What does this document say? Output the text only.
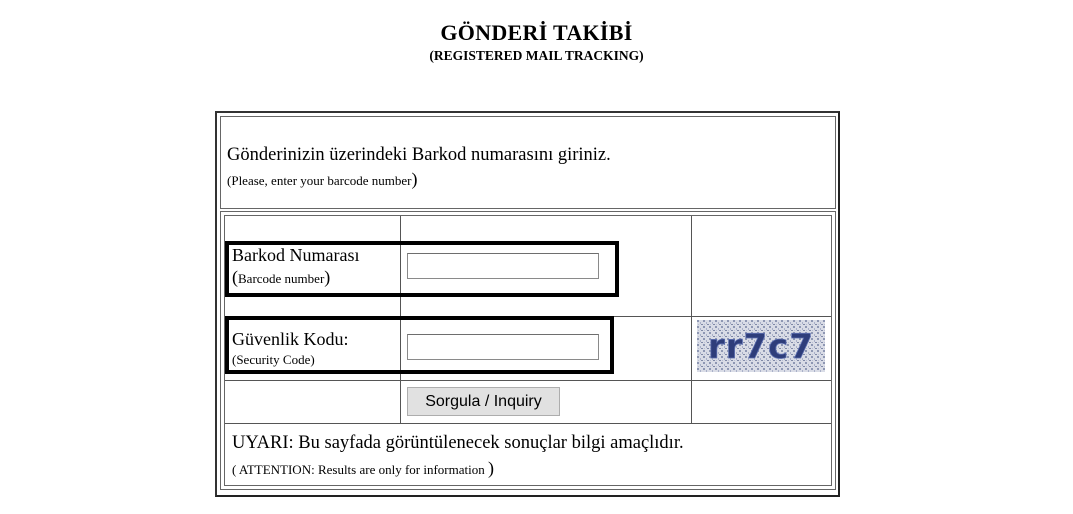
GÖNDERİ TAKİBİ
(REGISTERED MAIL TRACKING)
Gönderinizin üzerindeki Barkod numarasını giriniz.
(Please, enter your barcode number)
Barkod Numarası
(Barcode number)
Güvenlik Kodu:
(Security Code)	rr7c7
Sorgula / Inquiry
UYARI: Bu sayfada görüntülenecek sonuçlar bilgi amaçlıdır.
( ATTENTION: Results are only for information )
